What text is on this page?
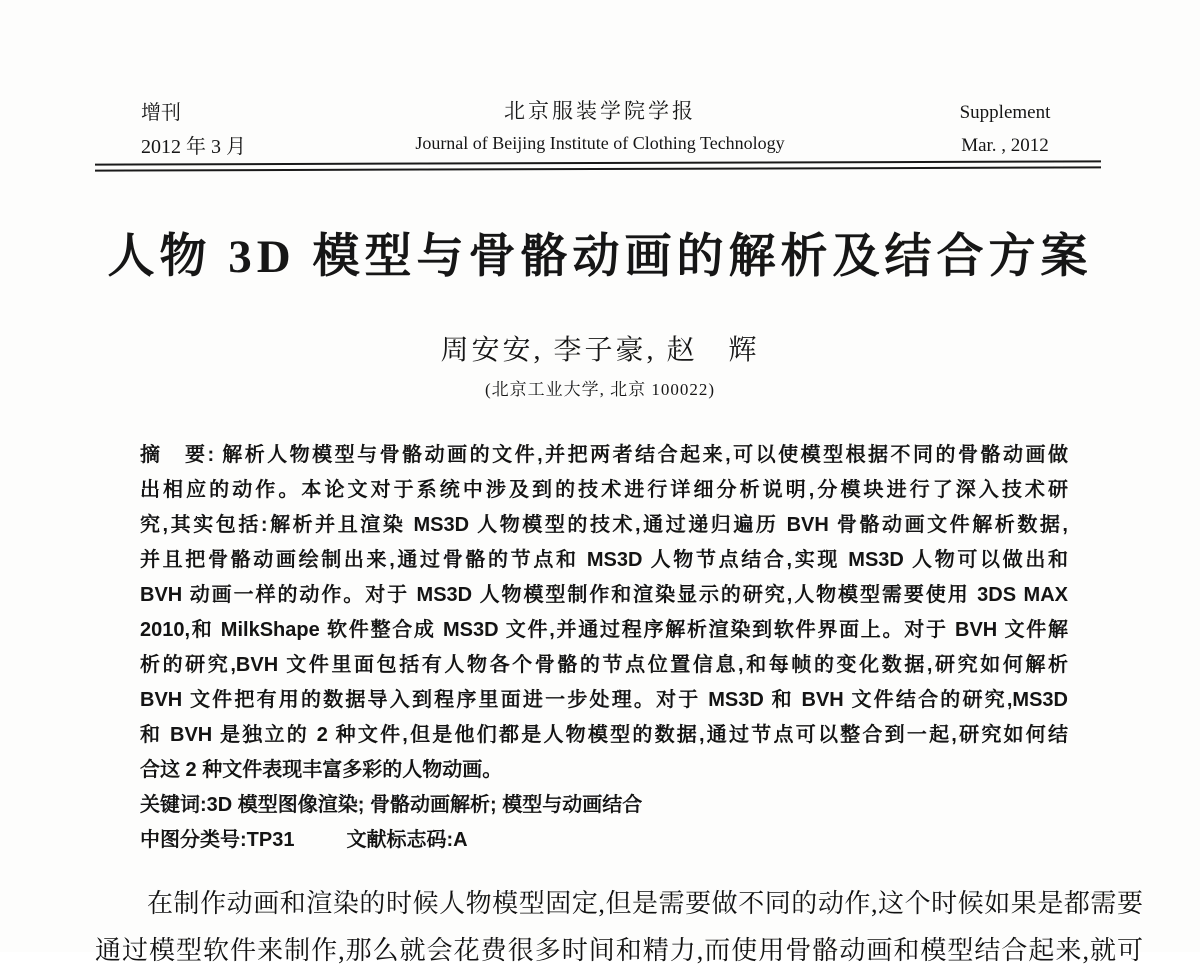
增刊
2012 年 3 月
北京服装学院学报
Journal of Beijing Institute of Clothing Technology
Supplement
Mar. , 2012
人物 3D 模型与骨骼动画的解析及结合方案
周安安, 李子豪, 赵　辉
(北京工业大学, 北京 100022)
摘　要: 解析人物模型与骨骼动画的文件,并把两者结合起来,可以使模型根据不同的骨骼动画做
出相应的动作。本论文对于系统中涉及到的技术进行详细分析说明,分模块进行了深入技术研
究,其实包括:解析并且渲染 MS3D 人物模型的技术,通过递归遍历 BVH 骨骼动画文件解析数据,
并且把骨骼动画绘制出来,通过骨骼的节点和 MS3D 人物节点结合,实现 MS3D 人物可以做出和
BVH 动画一样的动作。对于 MS3D 人物模型制作和渲染显示的研究,人物模型需要使用 3DS MAX
2010,和 MilkShape 软件整合成 MS3D 文件,并通过程序解析渲染到软件界面上。对于 BVH 文件解
析的研究,BVH 文件里面包括有人物各个骨骼的节点位置信息,和每帧的变化数据,研究如何解析
BVH 文件把有用的数据导入到程序里面进一步处理。对于 MS3D 和 BVH 文件结合的研究,MS3D
和 BVH 是独立的 2 种文件,但是他们都是人物模型的数据,通过节点可以整合到一起,研究如何结
合这 2 种文件表现丰富多彩的人物动画。
关键词:3D 模型图像渲染; 骨骼动画解析; 模型与动画结合
中图分类号:TP31	文献标志码:A
在制作动画和渲染的时候人物模型固定,但是需要做不同的动作,这个时候如果是都需要
通过模型软件来制作,那么就会花费很多时间和精力,而使用骨骼动画和模型结合起来,就可
